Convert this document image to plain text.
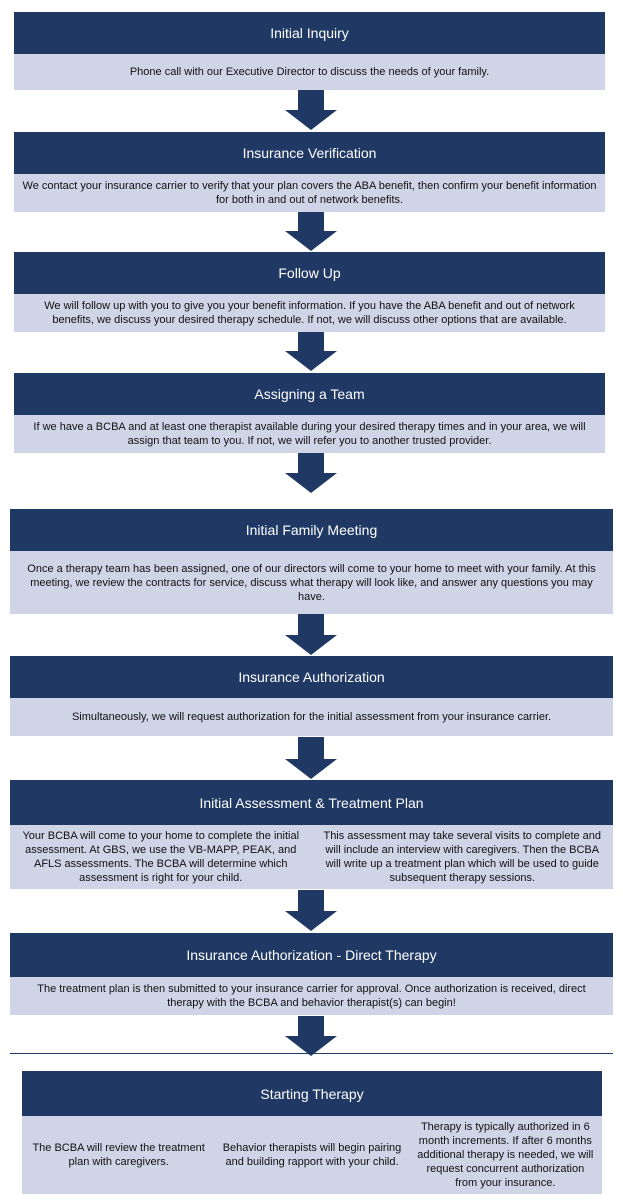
Initial Inquiry
Phone call with our Executive Director to discuss the needs of your family.
Insurance Verification
We contact your insurance carrier to verify that your plan covers the ABA benefit, then confirm your benefit information for both in and out of network benefits.
Follow Up
We will follow up with you to give you your benefit information. If you have the ABA benefit and out of network benefits, we discuss your desired therapy schedule. If not, we will discuss other options that are available.
Assigning a Team
If we have a BCBA and at least one therapist available during your desired therapy times and in your area, we will assign that team to you. If not, we will refer you to another trusted provider.
Initial Family Meeting
Once a therapy team has been assigned, one of our directors will come to your home to meet with your family. At this meeting, we review the contracts for service, discuss what therapy will look like, and answer any questions you may have.
Insurance Authorization
Simultaneously, we will request authorization for the initial assessment from your insurance carrier.
Initial Assessment & Treatment Plan
Your BCBA will come to your home to complete the initial assessment. At GBS, we use the VB-MAPP, PEAK, and AFLS assessments. The BCBA will determine which assessment is right for your child.
This assessment may take several visits to complete and will include an interview with caregivers. Then the BCBA will write up a treatment plan which will be used to guide subsequent therapy sessions.
Insurance Authorization - Direct Therapy
The treatment plan is then submitted to your insurance carrier for approval. Once authorization is received, direct therapy with the BCBA and behavior therapist(s) can begin!
Starting Therapy
The BCBA will review the treatment plan with caregivers.
Behavior therapists will begin pairing and building rapport with your child.
Therapy is typically authorized in 6 month increments. If after 6 months additional therapy is needed, we will request concurrent authorization from your insurance.
